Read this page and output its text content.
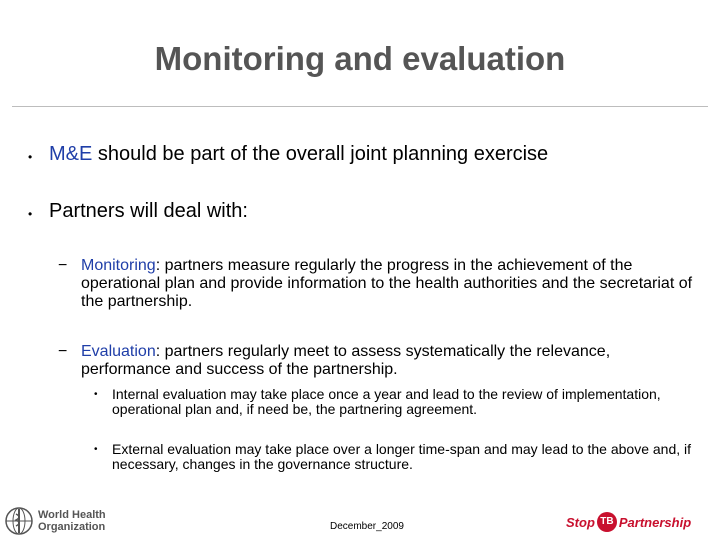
Monitoring and evaluation
• M&E should be part of the overall joint planning exercise
• Partners will deal with:
− Monitoring: partners measure regularly the progress in the achievement of the operational plan and provide information to the health authorities and the secretariat of the partnership.
− Evaluation: partners regularly meet to assess systematically the relevance, performance and success of the partnership.
• Internal evaluation may take place once a year and lead to the review of implementation, operational plan and, if need be, the partnering agreement.
• External evaluation may take place over a longer time-span and may lead to the above and, if necessary, changes in the governance structure.
World Health
Organization	December_2009	Stop TB Partnership
